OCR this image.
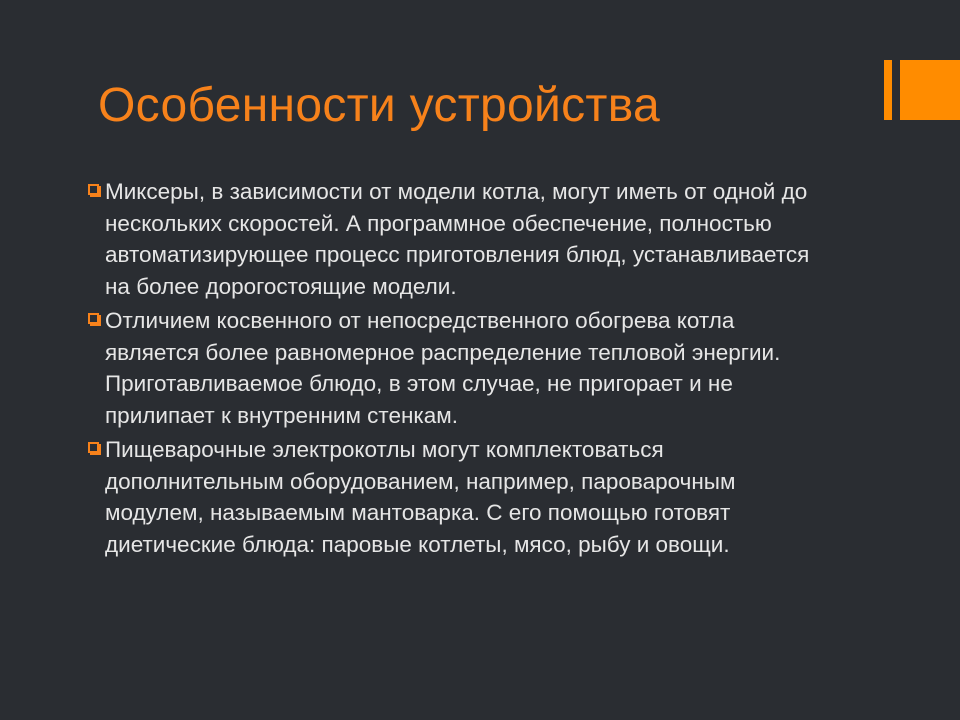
Особенности устройства
Миксеры, в зависимости от модели котла, могут иметь от одной до нескольких скоростей. А программное обеспечение, полностью автоматизирующее процесс приготовления блюд, устанавливается на более дорогостоящие модели.
Отличием косвенного от непосредственного обогрева котла является более равномерное распределение тепловой энергии. Приготавливаемое блюдо, в этом случае, не пригорает и не прилипает к внутренним стенкам.
Пищеварочные электрокотлы могут комплектоваться дополнительным оборудованием, например, пароварочным модулем, называемым мантоварка. С его помощью готовят диетические блюда: паровые котлеты, мясо, рыбу и овощи.
